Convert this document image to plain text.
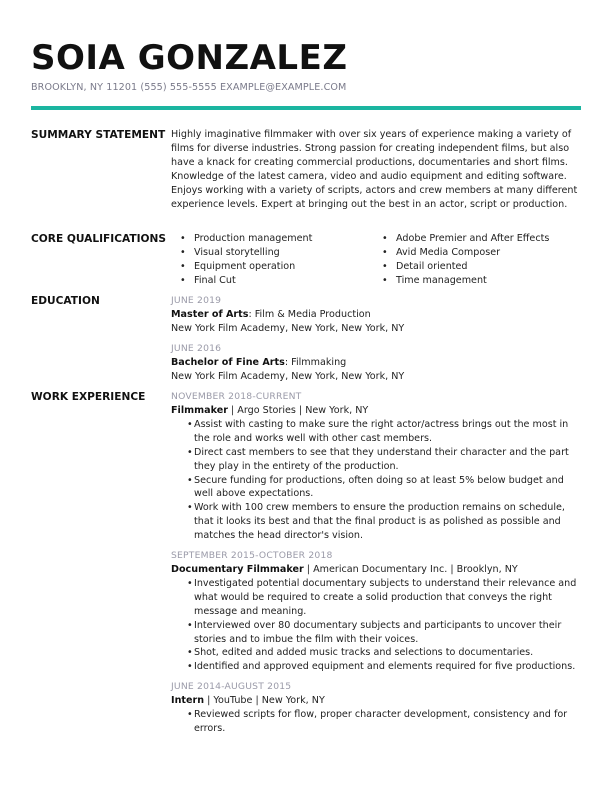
SOIA GONZALEZ
BROOKLYN, NY 11201 (555) 555-5555 EXAMPLE@EXAMPLE.COM
SUMMARY STATEMENT Highly imaginative filmmaker with over six years of experience making a variety of films for diverse industries. Strong passion for creating independent films, but also have a knack for creating commercial productions, documentaries and short films. Knowledge of the latest camera, video and audio equipment and editing software. Enjoys working with a variety of scripts, actors and crew members at many different experience levels. Expert at bringing out the best in an actor, script or production.

CORE QUALIFICATIONS
•	Production management
• Visual storytelling
• Equipment operation
• Final Cut
• Adobe Premier and After Effects
• Avid Media Composer
• Detail oriented
• Time management
EDUCATION	JUNE 2019
Master of Arts: Film & Media Production
New York Film Academy, New York, New York, NY
JUNE 2016
Bachelor of Fine Arts: Filmmaking
New York Film Academy, New York, New York, NY
WORK EXPERIENCE	NOVEMBER 2018-CURRENT
Filmmaker | Argo Stories | New York, NY
• Assist with casting to make sure the right actor/actress brings out the most in the role and works well with other cast members.
• Direct cast members to see that they understand their character and the part they play in the entirety of the production.
• Secure funding for productions, often doing so at least 5% below budget and well above expectations.
• Work with 100 crew members to ensure the production remains on schedule, that it looks its best and that the final product is as polished as possible and matches the head director's vision.
SEPTEMBER 2015-OCTOBER 2018
Documentary Filmmaker | American Documentary Inc. | Brooklyn, NY
• Investigated potential documentary subjects to understand their relevance and what would be required to create a solid production that conveys the right message and meaning.
• Interviewed over 80 documentary subjects and participants to uncover their stories and to imbue the film with their voices.
• Shot, edited and added music tracks and selections to documentaries.
• Identified and approved equipment and elements required for five productions.
JUNE 2014-AUGUST 2015
Intern | YouTube | New York, NY
• Reviewed scripts for flow, proper character development, consistency and for errors.
